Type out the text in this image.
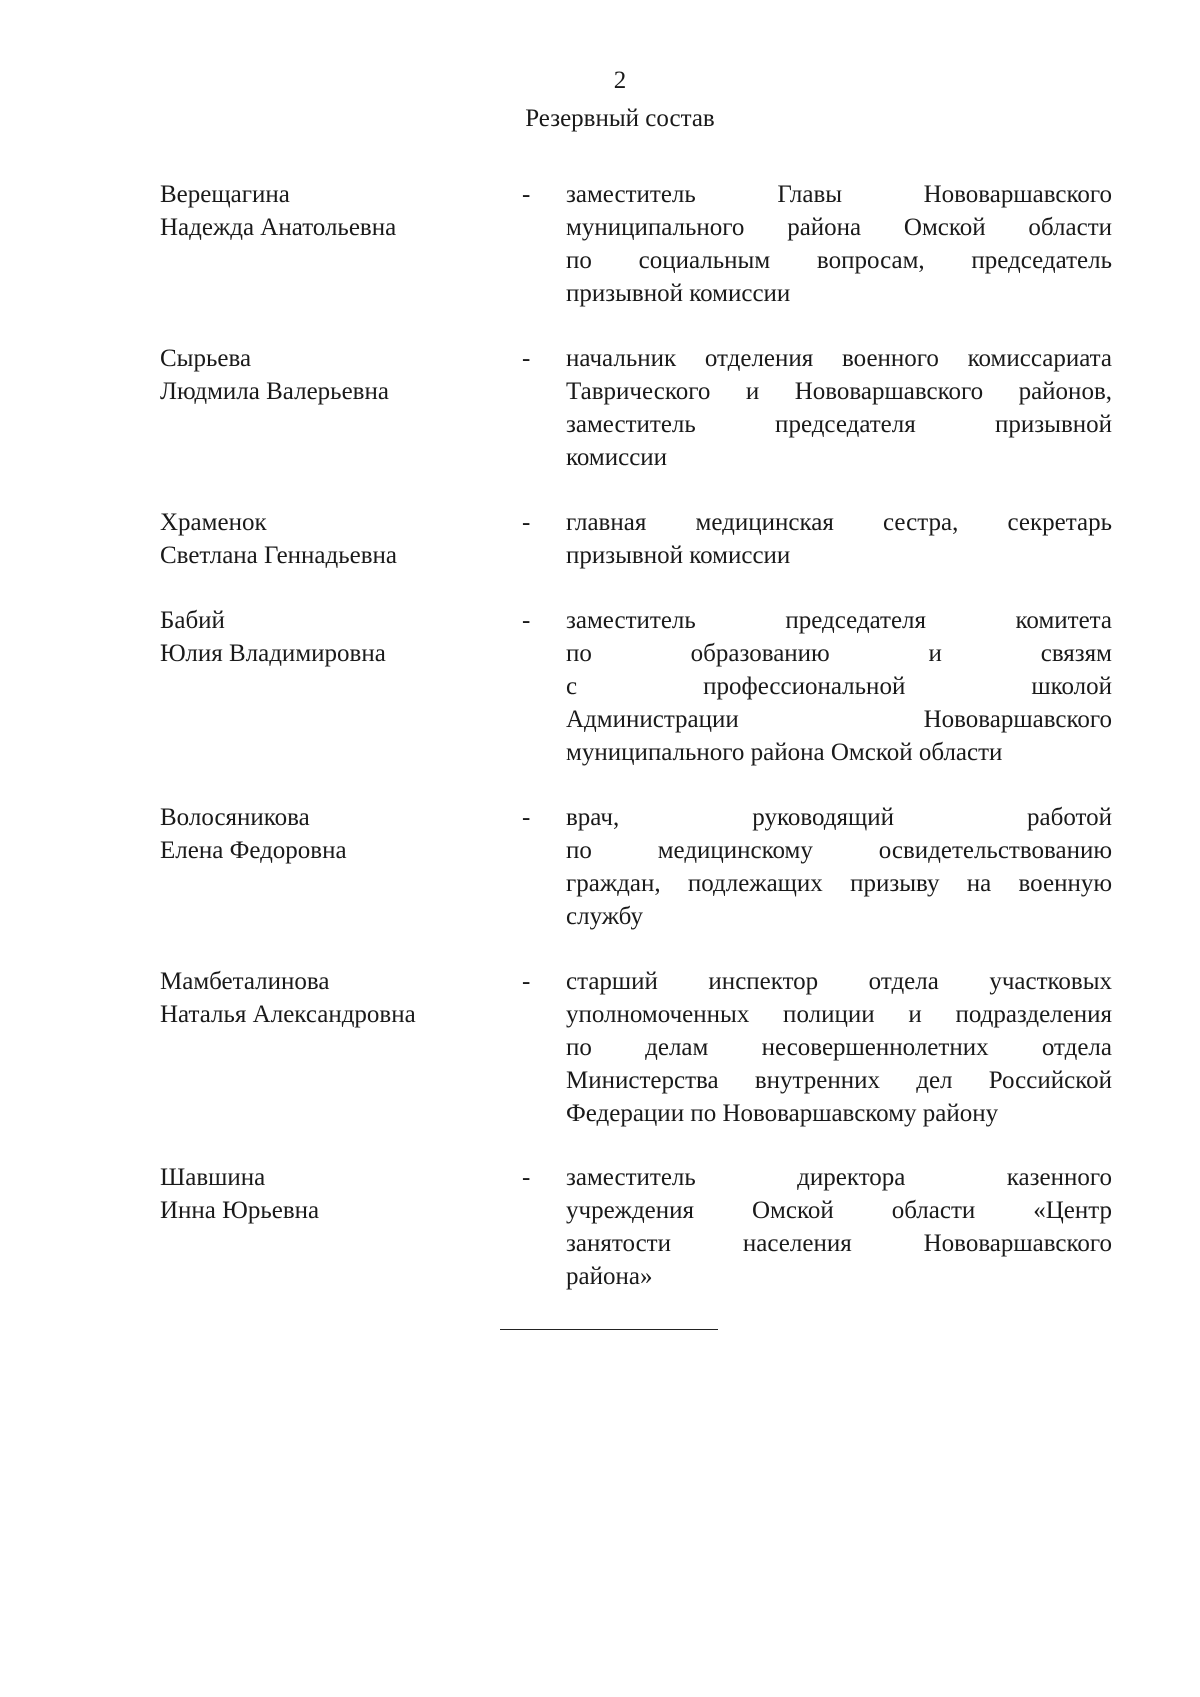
2
Резервный состав
Верещагина
Надежда Анатольевна
- заместитель Главы Нововаршавского
муниципального района Омской области
по социальным вопросам, председатель
призывной комиссии
Сырьева
Людмила Валерьевна
- начальник отделения военного комиссариата
Таврического и Нововаршавского районов,
заместитель председателя призывной
комиссии
Храменок
Светлана Геннадьевна
- главная медицинская сестра, секретарь
призывной комиссии
Бабий
Юлия Владимировна
- заместитель председателя комитета
по образованию и связям
с профессиональной школой
Администрации Нововаршавского
муниципального района Омской области
Волосяникова
Елена Федоровна
- врач, руководящий работой
по медицинскому освидетельствованию
граждан, подлежащих призыву на военную
службу
Мамбеталинова
Наталья Александровна
- старший инспектор отдела участковых
уполномоченных полиции и подразделения
по делам несовершеннолетних отдела
Министерства внутренних дел Российской
Федерации по Нововаршавскому району
Шавшина
Инна Юрьевна
- заместитель директора казенного
учреждения Омской области «Центр
занятости населения Нововаршавского
района»
